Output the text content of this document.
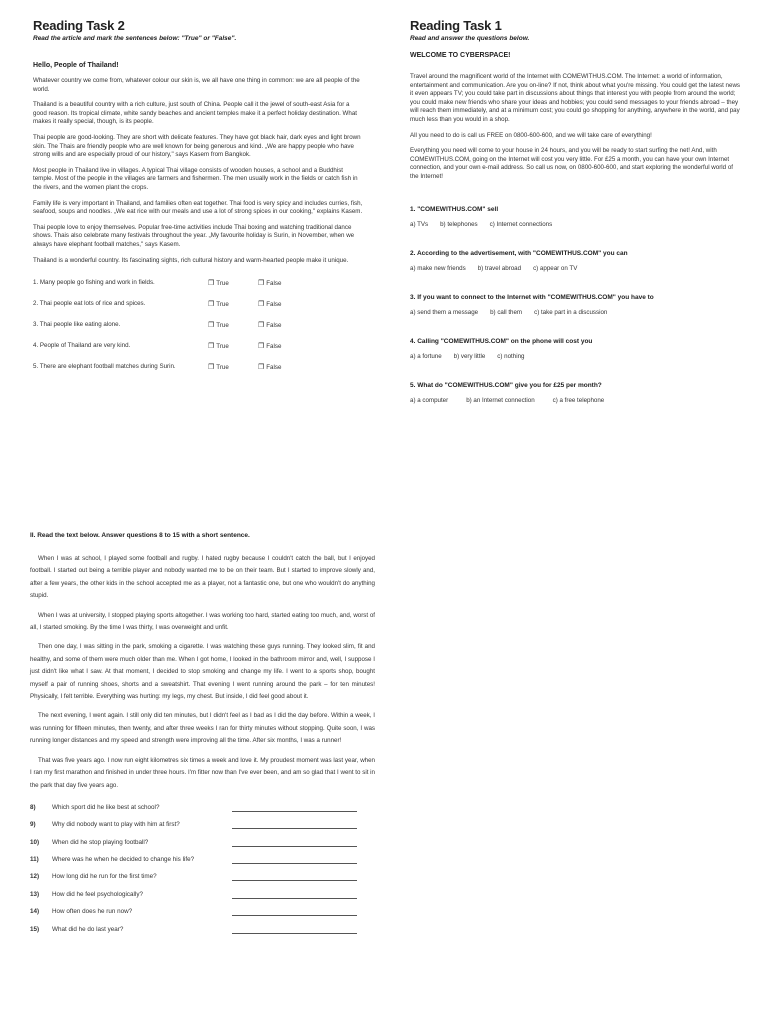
Reading Task 2
Read the article and mark the sentences below: "True" or "False".
Hello, People of Thailand!

Whatever country we come from, whatever colour our skin is, we all have one thing in common: we are all people of the world.

Thailand is a beautiful country with a rich culture, just south of China. People call it the jewel of south-east Asia for a good reason. Its tropical climate, white sandy beaches and ancient temples make it a perfect holiday destination. What makes it really special, though, is its people.

Thai people are good-looking. They are short with delicate features. They have got black hair, dark eyes and light brown skin. The Thais are friendly people who are well known for being generous and kind. „We are happy people who have strong wills and are especially proud of our history," says Kasem from Bangkok.

Most people in Thailand live in villages. A typical Thai village consists of wooden houses, a school and a Buddhist temple. Most of the people in the villages are farmers and fishermen. The men usually work in the fields or catch fish in the rivers, and the women plant the crops.

Family life is very important in Thailand, and families often eat together. Thai food is very spicy and includes curries, fish, seafood, soups and noodles. „We eat rice with our meals and use a lot of strong spices in our cooking," explains Kasem.

Thai people love to enjoy themselves. Popular free-time activities include Thai boxing and watching traditional dance shows. Thais also celebrate many festivals throughout the year. „My favourite holiday is Surin, in November, when we always have elephant football matches," says Kasem.

Thailand is a wonderful country. Its fascinating sights, rich cultural history and warm-hearted people make it unique.

1. Many people go fishing and work in fields.	❐ True	❐ False
2. Thai people eat lots of rice and spices.	❐ True	❐ False
3. Thai people like eating alone.	❐ True	❐ False
4. People of Thailand are very kind.	❐ True	❐ False
5. There are elephant football matches during Surin.	❐ True	❐ False
Reading Task 1
Read and answer the questions below.
WELCOME TO CYBERSPACE!

Travel around the magnificent world of the Internet with COMEWITHUS.COM. The Internet: a world of information, entertainment and communication. Are you on-line? If not, think about what you're missing. You could get the latest news it even appears TV; you could take part in discussions about things that interest you with people from around the world; you could make new friends who share your ideas and hobbies; you could send messages to your friends abroad – they will reach them immediately, and at a minimum cost; you could go shopping for anything, anywhere in the world, and pay much less than you would in a shop.

All you need to do is call us FREE on 0800-600-600, and we will take care of everything!

Everything you need will come to your house in 24 hours, and you will be ready to start surfing the net! And, with COMEWITHUS.COM, going on the Internet will cost you very little. For £25 a month, you can have your own Internet connection, and your own e-mail address. So call us now, on 0800-600-600, and start exploring the wonderful world of the Internet!

1. "COMEWITHUS.COM" sell
a) TVs b) telephones c) Internet connections
2. According to the advertisement, with "COMEWITHUS.COM" you can
a) make new friends b) travel abroad c) appear on TV
3. If you want to connect to the Internet with "COMEWITHUS.COM" you have to
a) send them a message b) call them c) take part in a discussion
4. Calling "COMEWITHUS.COM" on the phone will cost you
a) a fortune b) very little c) nothing
5. What do "COMEWITHUS.COM" give you for £25 per month?
a) a computer	b) an Internet connection	c) a free telephone
II. Read the text below. Answer questions 8 to 15 with a short sentence.

When I was at school, I played some football and rugby. I hated rugby because I couldn't catch the ball, but I enjoyed football. I started out being a terrible player and nobody wanted me to be on their team. But I started to improve slowly and, after a few years, the other kids in the school accepted me as a player, not a fantastic one, but one who wouldn't do anything stupid.

When I was at university, I stopped playing sports altogether. I was working too hard, started eating too much, and, worst of all, I started smoking. By the time I was thirty, I was overweight and unfit.

Then one day, I was sitting in the park, smoking a cigarette. I was watching these guys running. They looked slim, fit and healthy, and some of them were much older than me. When I got home, I looked in the bathroom mirror and, well, I suppose I just didn't like what I saw. At that moment, I decided to stop smoking and change my life. I went to a sports shop, bought myself a pair of running shoes, shorts and a sweatshirt. That evening I went running around the park – for ten minutes! Physically, I felt terrible. Everything was hurting: my legs, my chest. But inside, I did feel good about it.

The next evening, I went again. I still only did ten minutes, but I didn't feel as I bad as I did the day before. Within a week, I was running for fifteen minutes, then twenty, and after three weeks I ran for thirty minutes without stopping. Quite soon, I was running longer distances and my speed and strength were improving all the time. After six months, I was a runner!

That was five years ago. I now run eight kilometres six times a week and love it. My proudest moment was last year, when I ran my first marathon and finished in under three hours. I'm fitter now than I've ever been, and am so glad that I went to sit in the park that day five years ago.

8)	Which sport did he like best at school?
9)	Why did nobody want to play with him at first?
10)	When did he stop playing football?
11)	Where was he when he decided to change his life?
12)	How long did he run for the first time?
13)	How did he feel psychologically?
14)	How often does he run now?
15)	What did he do last year?
